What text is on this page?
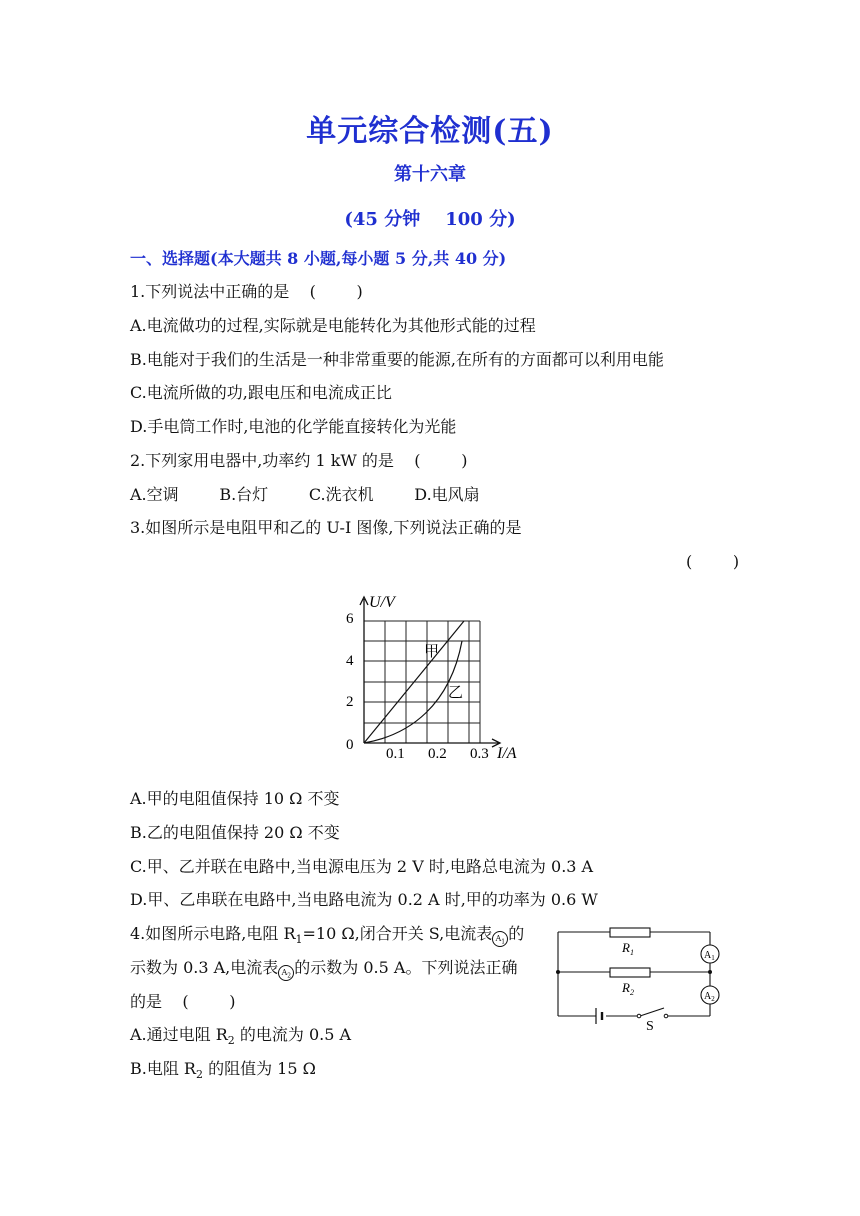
单元综合检测(五)
第十六章
(45 分钟    100 分)
一、选择题(本大题共 8 小题,每小题 5 分,共 40 分)
1.下列说法中正确的是    (        )
A.电流做功的过程,实际就是电能转化为其他形式能的过程
B.电能对于我们的生活是一种非常重要的能源,在所有的方面都可以利用电能
C.电流所做的功,跟电压和电流成正比
D.手电筒工作时,电池的化学能直接转化为光能
2.下列家用电器中,功率约 1 kW 的是    (        )
A.空调        B.台灯        C.洗衣机        D.电风扇
3.如图所示是电阻甲和乙的 U-I 图像,下列说法正确的是
(        )
U/V
6
4
2
0
0.1 0.2 0.3 I/A
甲
乙
A.甲的电阻值保持 10 Ω 不变
B.乙的电阻值保持 20 Ω 不变
C.甲、乙并联在电路中,当电源电压为 2 V 时,电路总电流为 0.3 A
D.甲、乙串联在电路中,当电路电流为 0.2 A 时,甲的功率为 0.6 W
4.如图所示电路,电阻 $R_1=10$ Ω,闭合开关 S,电流表 $A_1$ 的
示数为 0.3 A,电流表 $A_2$ 的示数为 0.5 A。下列说法正确
的是    (        )
A.通过电阻 $R_2$ 的电流为 0.5 A
B.电阻 $R_2$ 的阻值为 15 Ω
$R_1$
$R_2$
$A_1$
$A_2$
S
